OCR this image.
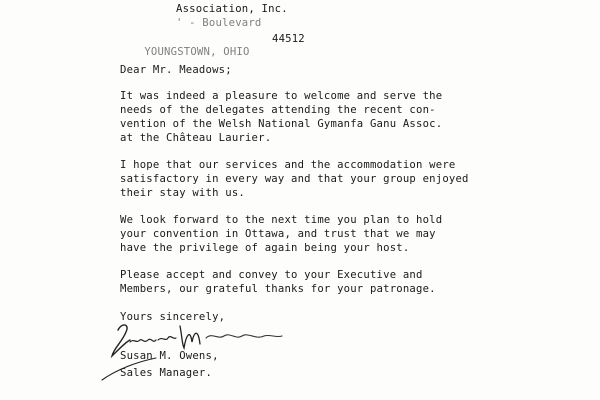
Association, Inc.
' - Boulevard

YOUNGSTOWN, OHIO

44512
Dear Mr. Meadows;
It was indeed a pleasure to welcome and serve the
needs of the delegates attending the recent con-
vention of the Welsh National Gymanfa Ganu Assoc.
at the Château Laurier.
I hope that our services and the accommodation were
satisfactory in every way and that your group enjoyed
their stay with us.
We look forward to the next time you plan to hold
your convention in Ottawa, and trust that we may
have the privilege of again being your host.
Please accept and convey to your Executive and
Members, our grateful thanks for your patronage.
Yours sincerely,
Susan M. Owens,
Sales Manager.
